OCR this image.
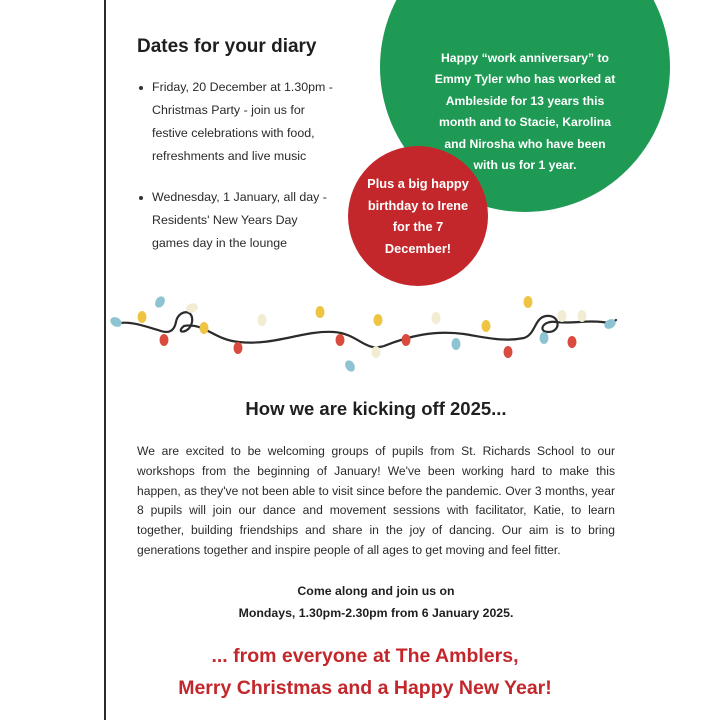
Dates for your diary
Friday, 20 December at 1.30pm - Christmas Party - join us for festive celebrations with food, refreshments and live music
Wednesday, 1 January, all day - Residents' New Years Day games day in the lounge
Happy “work anniversary” to Emmy Tyler who has worked at Ambleside for 13 years this month and to Stacie, Karolina and Nirosha who have been with us for 1 year.
Plus a big happy birthday to Irene for the 7 December!
How we are kicking off 2025...

We are excited to be welcoming groups of pupils from St. Richards School to our workshops from the beginning of January! We've been working hard to make this happen, as they've not been able to visit since before the pandemic. Over 3 months, year 8 pupils will join our dance and movement sessions with facilitator, Katie, to learn together, building friendships and share in the joy of dancing. Our aim is to bring generations together and inspire people of all ages to get moving and feel fitter.

Come along and join us on
Mondays, 1.30pm-2.30pm from 6 January 2025.
... from everyone at The Amblers,
Merry Christmas and a Happy New Year!
